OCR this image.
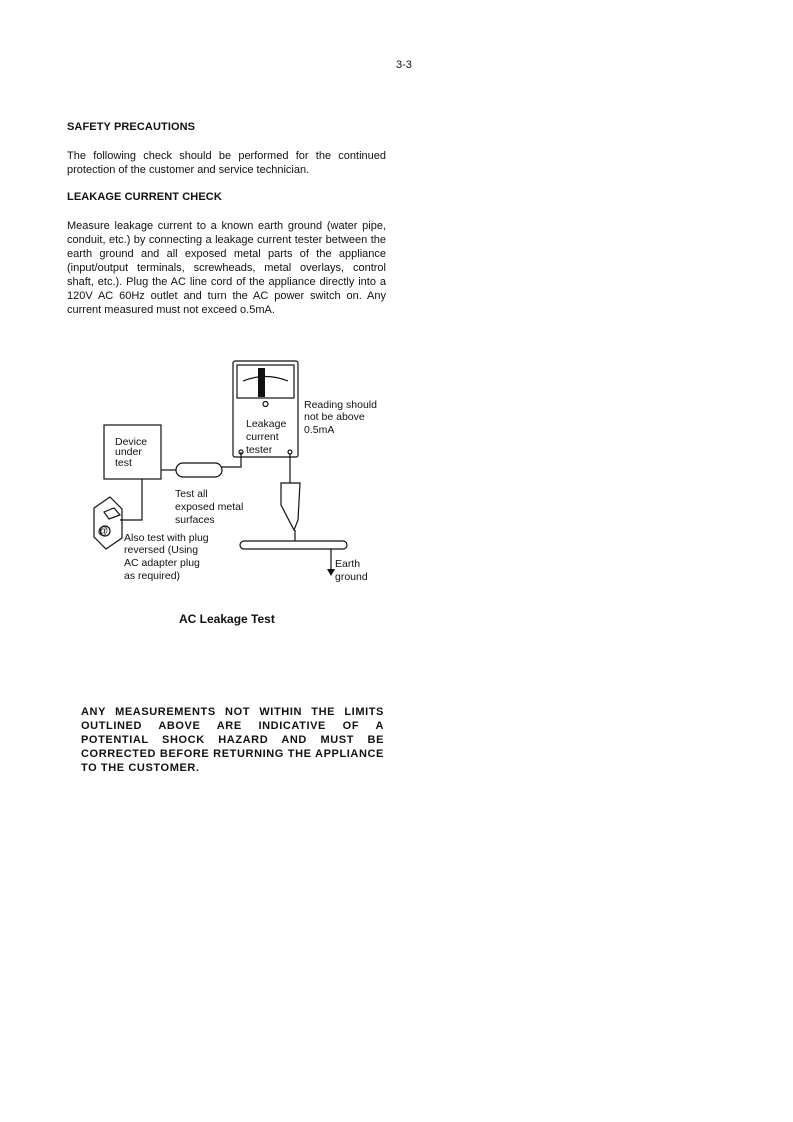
3-3
SAFETY PRECAUTIONS
The following check should be performed for the continued protection of the customer and service technician.
LEAKAGE CURRENT CHECK
Measure leakage current to a known earth ground (water pipe, conduit, etc.) by connecting a leakage current tester between the earth ground and all exposed metal parts of the appliance (input/output terminals, screwheads, metal overlays, control shaft, etc.). Plug the AC line cord of the appliance directly into a 120V AC 60Hz outlet and turn the AC power switch on. Any current measured must not exceed o.5mA.
@
Reading should
not be above
0.5mA
Leakage
current
tester
Device
under
test
Test all
exposed metal
surfaces
Also test with plug
reversed (Using
AC adapter plug
as required)
Earth
ground
AC Leakage Test
ANY MEASUREMENTS NOT WITHIN THE LIMITS OUTLINED ABOVE ARE INDICATIVE OF A POTENTIAL SHOCK HAZARD AND MUST BE CORRECTED BEFORE RETURNING THE APPLIANCE TO THE CUSTOMER.
